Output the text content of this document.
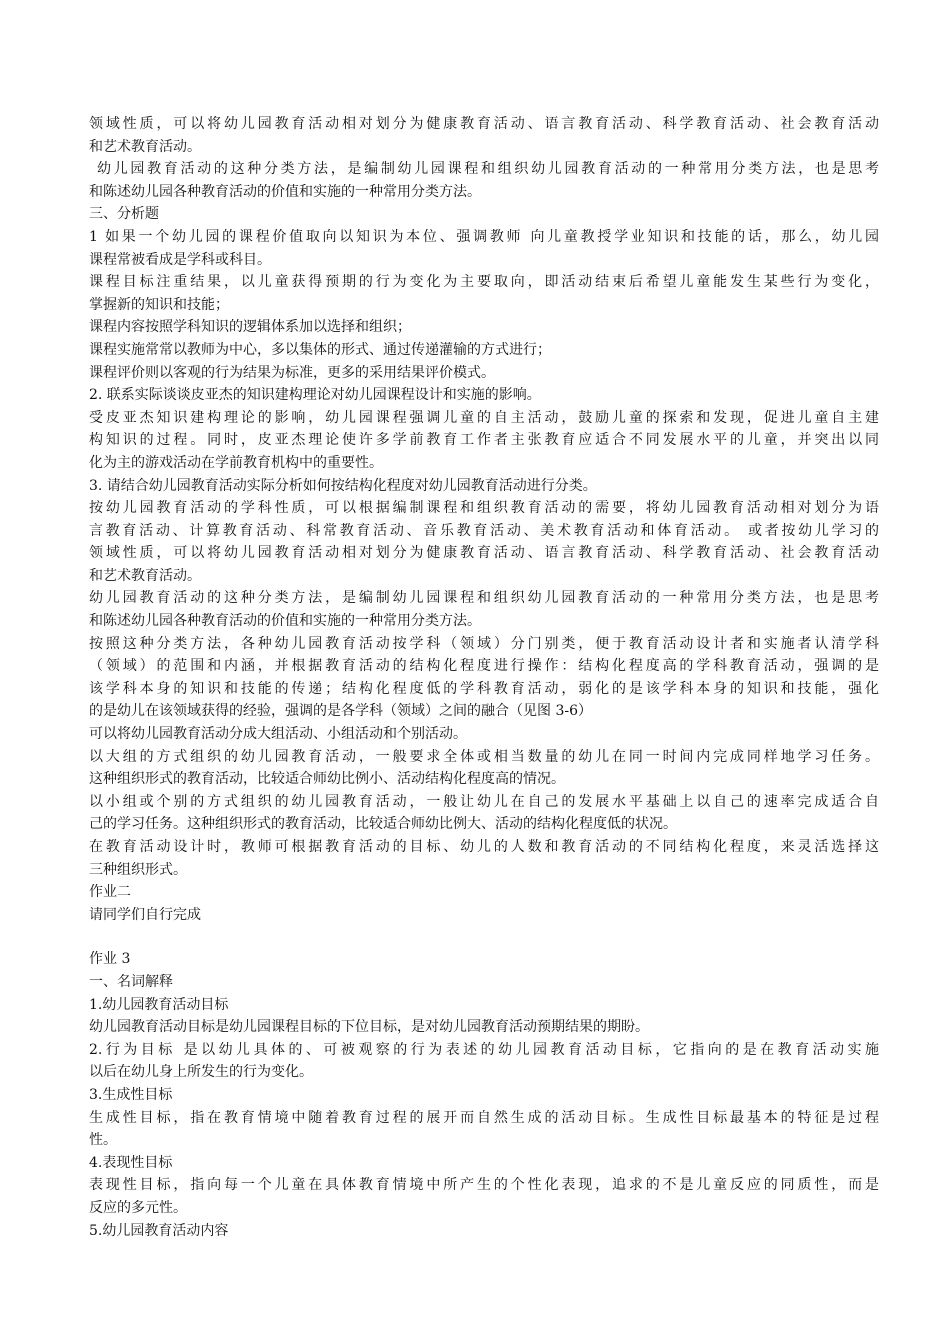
领域性质，可以将幼儿园教育活动相对划分为健康教育活动、语言教育活动、科学教育活动、社会教育活动
和艺术教育活动。
幼儿园教育活动的这种分类方法，是编制幼儿园课程和组织幼儿园教育活动的一种常用分类方法，也是思考
和陈述幼儿园各种教育活动的价值和实施的一种常用分类方法。
三、分析题
1 如果一个幼儿园的课程价值取向以知识为本位、强调教师 向儿童教授学业知识和技能的话，那么，幼儿园
课程常被看成是学科或科目。
课程目标注重结果，以儿童获得预期的行为变化为主要取向，即活动结束后希望儿童能发生某些行为变化，
掌握新的知识和技能；
课程内容按照学科知识的逻辑体系加以选择和组织；
课程实施常常以教师为中心，多以集体的形式、通过传递灌输的方式进行；
课程评价则以客观的行为结果为标准，更多的采用结果评价模式。
2. 联系实际谈谈皮亚杰的知识建构理论对幼儿园课程设计和实施的影响。
受皮亚杰知识建构理论的影响，幼儿园课程强调儿童的自主活动，鼓励儿童的探索和发现，促进儿童自主建
构知识的过程。同时，皮亚杰理论使许多学前教育工作者主张教育应适合不同发展水平的儿童，并突出以同
化为主的游戏活动在学前教育机构中的重要性。
3. 请结合幼儿园教育活动实际分析如何按结构化程度对幼儿园教育活动进行分类。
按幼儿园教育活动的学科性质，可以根据编制课程和组织教育活动的需要，将幼儿园教育活动相对划分为语
言教育活动、计算教育活动、科常教育活动、音乐教育活动、美术教育活动和体育活动。 或者按幼儿学习的
领域性质，可以将幼儿园教育活动相对划分为健康教育活动、语言教育活动、科学教育活动、社会教育活动
和艺术教育活动。
幼儿园教育活动的这种分类方法，是编制幼儿园课程和组织幼儿园教育活动的一种常用分类方法，也是思考
和陈述幼儿园各种教育活动的价值和实施的一种常用分类方法。
按照这种分类方法，各种幼儿园教育活动按学科（领域）分门别类，便于教育活动设计者和实施者认清学科
（领域）的范围和内涵，并根据教育活动的结构化程度进行操作：结构化程度高的学科教育活动，强调的是
该学科本身的知识和技能的传递；结构化程度低的学科教育活动，弱化的是该学科本身的知识和技能，强化
的是幼儿在该领域获得的经验，强调的是各学科（领域）之间的融合（见图 3-6）
可以将幼儿园教育活动分成大组活动、小组活动和个别活动。
以大组的方式组织的幼儿园教育活动，一般要求全体或相当数量的幼儿在同一时间内完成同样地学习任务。
这种组织形式的教育活动，比较适合师幼比例小、活动结构化程度高的情况。
以小组或个别的方式组织的幼儿园教育活动，一般让幼儿在自己的发展水平基础上以自己的速率完成适合自
己的学习任务。这种组织形式的教育活动，比较适合师幼比例大、活动的结构化程度低的状况。
在教育活动设计时，教师可根据教育活动的目标、幼儿的人数和教育活动的不同结构化程度，来灵活选择这
三种组织形式。
作业二
请同学们自行完成
作业 3
一、名词解释
1.幼儿园教育活动目标
幼儿园教育活动目标是幼儿园课程目标的下位目标，是对幼儿园教育活动预期结果的期盼。
2.行为目标 是以幼儿具体的、可被观察的行为表述的幼儿园教育活动目标，它指向的是在教育活动实施
以后在幼儿身上所发生的行为变化。
3.生成性目标
生成性目标，指在教育情境中随着教育过程的展开而自然生成的活动目标。生成性目标最基本的特征是过程
性。
4.表现性目标
表现性目标，指向每一个儿童在具体教育情境中所产生的个性化表现，追求的不是儿童反应的同质性，而是
反应的多元性。
5.幼儿园教育活动内容
